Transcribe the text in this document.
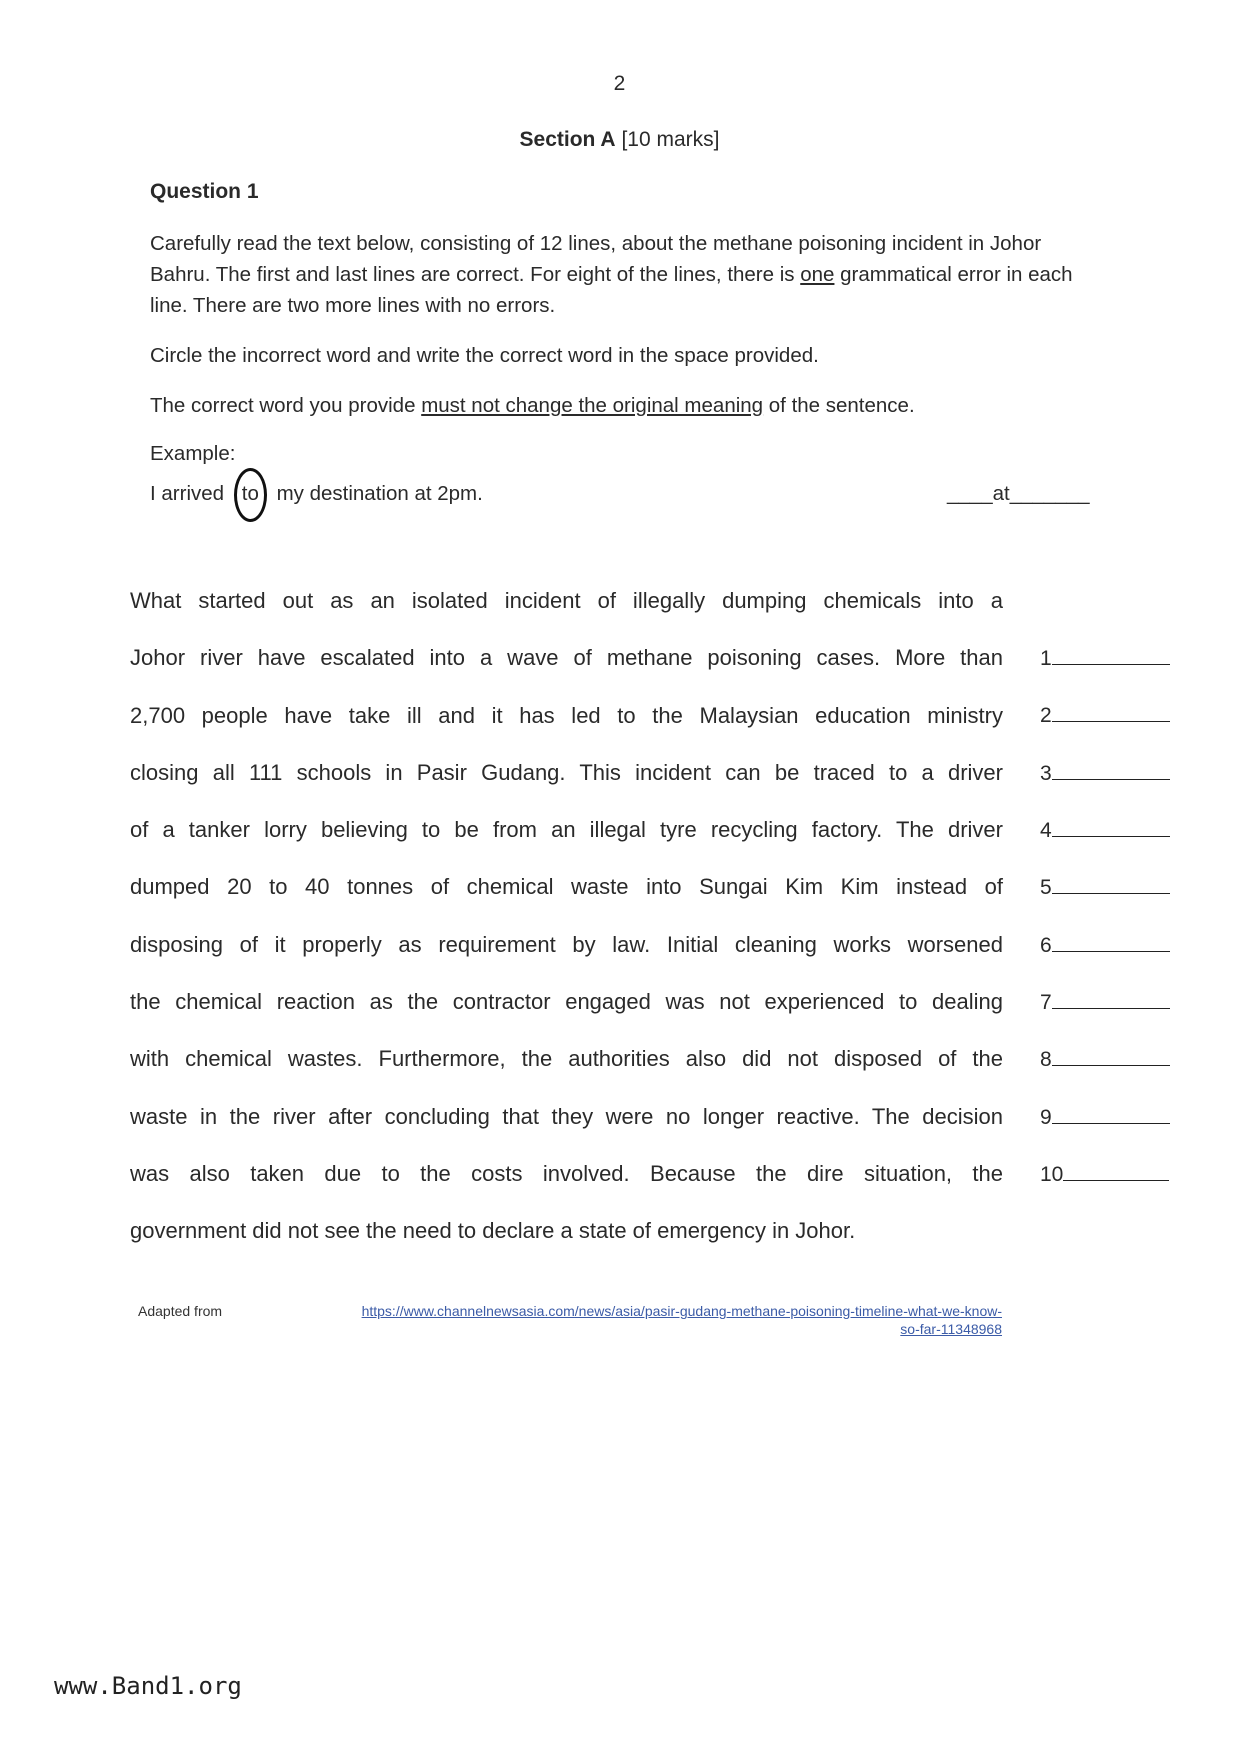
2
Section A [10 marks]
Question 1

Carefully read the text below, consisting of 12 lines, about the methane poisoning incident in Johor Bahru. The first and last lines are correct. For eight of the lines, there is one grammatical error in each line. There are two more lines with no errors.

Circle the incorrect word and write the correct word in the space provided.

The correct word you provide must not change the original meaning of the sentence.

Example:
I arrived to my destination at 2pm.	____at_______
What started out as an isolated incident of illegally dumping chemicals into a
Johor river have escalated into a wave of methane poisoning cases. More than
2,700 people have take ill and it has led to the Malaysian education ministry
closing all 111 schools in Pasir Gudang. This incident can be traced to a driver
of a tanker lorry believing to be from an illegal tyre recycling factory. The driver
dumped 20 to 40 tonnes of chemical waste into Sungai Kim Kim instead of
disposing of it properly as requirement by law. Initial cleaning works worsened
the chemical reaction as the contractor engaged was not experienced to dealing
with chemical wastes. Furthermore, the authorities also did not disposed of the
waste in the river after concluding that they were no longer reactive. The decision
was also taken due to the costs involved. Because the dire situation, the
government did not see the need to declare a state of emergency in Johor.
1
2
3
4
5
6
7
8
9
10
Adapted from	https://www.channelnewsasia.com/news/asia/pasir-gudang-methane-poisoning-timeline-what-we-know-
so-far-11348968
www.Band1.org
